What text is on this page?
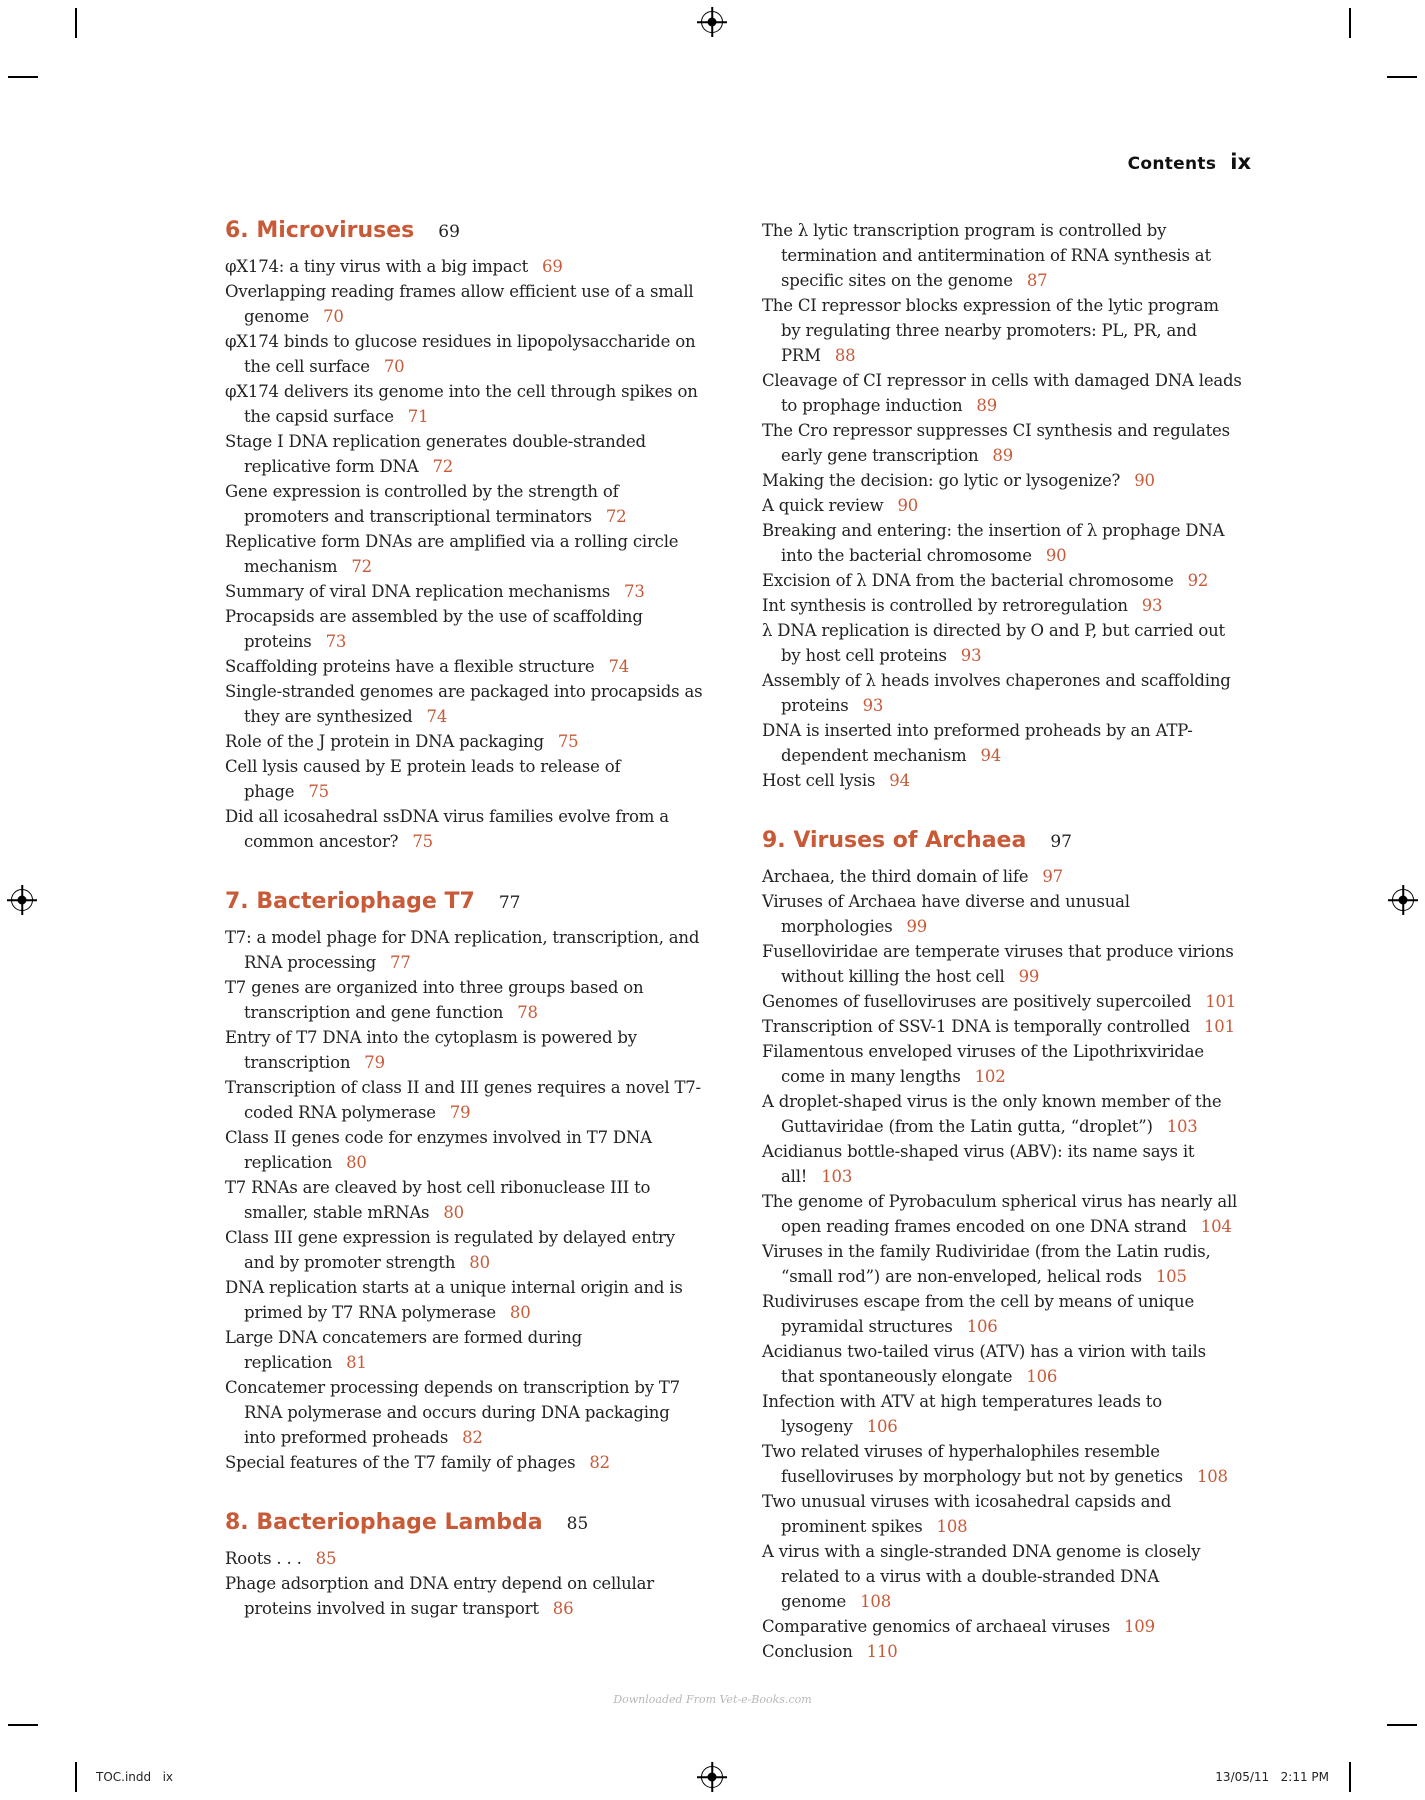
Contents ix
6. Microviruses 69
φX174: a tiny virus with a big impact 69
Overlapping reading frames allow efficient use of a small genome 70
φX174 binds to glucose residues in lipopolysaccharide on the cell surface 70
φX174 delivers its genome into the cell through spikes on the capsid surface 71
Stage I DNA replication generates double-stranded replicative form DNA 72
Gene expression is controlled by the strength of promoters and transcriptional terminators 72
Replicative form DNAs are amplified via a rolling circle mechanism 72
Summary of viral DNA replication mechanisms 73
Procapsids are assembled by the use of scaffolding proteins 73
Scaffolding proteins have a flexible structure 74
Single-stranded genomes are packaged into procapsids as they are synthesized 74
Role of the J protein in DNA packaging 75
Cell lysis caused by E protein leads to release of phage 75
Did all icosahedral ssDNA virus families evolve from a common ancestor? 75
7. Bacteriophage T7 77
T7: a model phage for DNA replication, transcription, and RNA processing 77
T7 genes are organized into three groups based on transcription and gene function 78
Entry of T7 DNA into the cytoplasm is powered by transcription 79
Transcription of class II and III genes requires a novel T7-coded RNA polymerase 79
Class II genes code for enzymes involved in T7 DNA replication 80
T7 RNAs are cleaved by host cell ribonuclease III to smaller, stable mRNAs 80
Class III gene expression is regulated by delayed entry and by promoter strength 80
DNA replication starts at a unique internal origin and is primed by T7 RNA polymerase 80
Large DNA concatemers are formed during replication 81
Concatemer processing depends on transcription by T7 RNA polymerase and occurs during DNA packaging into preformed proheads 82
Special features of the T7 family of phages 82
8. Bacteriophage Lambda 85
Roots . . . 85
Phage adsorption and DNA entry depend on cellular proteins involved in sugar transport 86
The λ lytic transcription program is controlled by termination and antitermination of RNA synthesis at specific sites on the genome 87
The CI repressor blocks expression of the lytic program by regulating three nearby promoters: PL, PR, and PRM 88
Cleavage of CI repressor in cells with damaged DNA leads to prophage induction 89
The Cro repressor suppresses CI synthesis and regulates early gene transcription 89
Making the decision: go lytic or lysogenize? 90
A quick review 90
Breaking and entering: the insertion of λ prophage DNA into the bacterial chromosome 90
Excision of λ DNA from the bacterial chromosome 92
Int synthesis is controlled by retroregulation 93
λ DNA replication is directed by O and P, but carried out by host cell proteins 93
Assembly of λ heads involves chaperones and scaffolding proteins 93
DNA is inserted into preformed proheads by an ATP-dependent mechanism 94
Host cell lysis 94
9. Viruses of Archaea 97
Archaea, the third domain of life 97
Viruses of Archaea have diverse and unusual morphologies 99
Fuselloviridae are temperate viruses that produce virions without killing the host cell 99
Genomes of fuselloviruses are positively supercoiled 101
Transcription of SSV-1 DNA is temporally controlled 101
Filamentous enveloped viruses of the Lipothrixviridae come in many lengths 102
A droplet-shaped virus is the only known member of the Guttaviridae (from the Latin gutta, “droplet”) 103
Acidianus bottle-shaped virus (ABV): its name says it all! 103
The genome of Pyrobaculum spherical virus has nearly all open reading frames encoded on one DNA strand 104
Viruses in the family Rudiviridae (from the Latin rudis, “small rod”) are non-enveloped, helical rods 105
Rudiviruses escape from the cell by means of unique pyramidal structures 106
Acidianus two-tailed virus (ATV) has a virion with tails that spontaneously elongate 106
Infection with ATV at high temperatures leads to lysogeny 106
Two related viruses of hyperhalophiles resemble fuselloviruses by morphology but not by genetics 108
Two unusual viruses with icosahedral capsids and prominent spikes 108
A virus with a single-stranded DNA genome is closely related to a virus with a double-stranded DNA genome 108
Comparative genomics of archaeal viruses 109
Conclusion 110
Downloaded From Vet-e-Books.com
TOC.indd   ix	13/05/11   2:11 PM
